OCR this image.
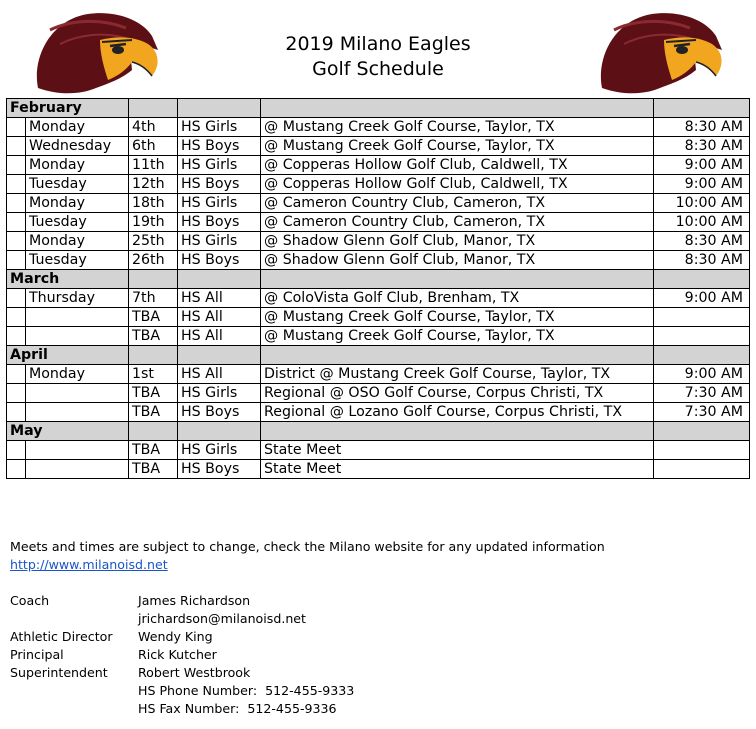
2019 Milano Eagles
Golf Schedule
February					
	Monday	4th	HS Girls	@ Mustang Creek Golf Course, Taylor, TX	8:30 AM
	Wednesday	6th	HS Boys	@ Mustang Creek Golf Course, Taylor, TX	8:30 AM
	Monday	11th	HS Girls	@ Copperas Hollow Golf Club, Caldwell, TX	9:00 AM
	Tuesday	12th	HS Boys	@ Copperas Hollow Golf Club, Caldwell, TX	9:00 AM
	Monday	18th	HS Girls	@ Cameron Country Club, Cameron, TX	10:00 AM
	Tuesday	19th	HS Boys	@ Cameron Country Club, Cameron, TX	10:00 AM
	Monday	25th	HS Girls	@ Shadow Glenn Golf Club, Manor, TX	8:30 AM
	Tuesday	26th	HS Boys	@ Shadow Glenn Golf Club, Manor, TX	8:30 AM
March					
	Thursday	7th	HS All	@ ColoVista Golf Club, Brenham, TX	9:00 AM
		TBA	HS All	@ Mustang Creek Golf Course, Taylor, TX	
		TBA	HS All	@ Mustang Creek Golf Course, Taylor, TX	
April					
	Monday	1st	HS All	District @ Mustang Creek Golf Course, Taylor, TX	9:00 AM
		TBA	HS Girls	Regional @ OSO Golf Course, Corpus Christi, TX	7:30 AM
		TBA	HS Boys	Regional @ Lozano Golf Course, Corpus Christi, TX	7:30 AM
May					
		TBA	HS Girls	State Meet	
		TBA	HS Boys	State Meet	
Meets and times are subject to change, check the Milano website for any updated information
http://www.milanoisd.net
Coach	James Richardson
jrichardson@milanoisd.net
Athletic Director	Wendy King
Principal	Rick Kutcher
Superintendent	Robert Westbrook
HS Phone Number:  512-455-9333
HS Fax Number:  512-455-9336
